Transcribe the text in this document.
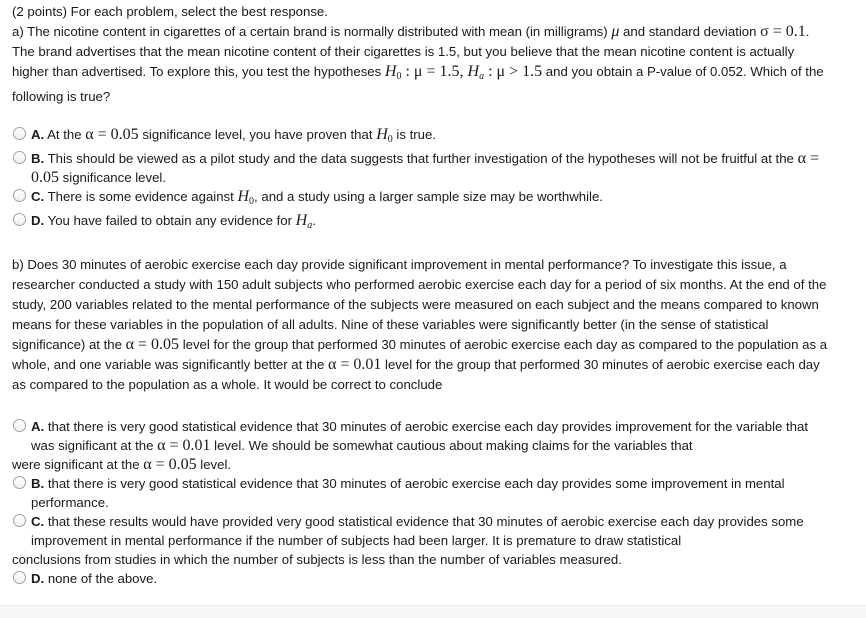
(2 points) For each problem, select the best response.

a) The nicotine content in cigarettes of a certain brand is normally distributed with mean (in milligrams) μ and standard deviation σ = 0.1. The brand advertises that the mean nicotine content of their cigarettes is 1.5, but you believe that the mean nicotine content is actually higher than advertised. To explore this, you test the hypotheses $H_0$ : μ = 1.5, Ha : μ > 1.5 and you obtain a P-value of 0.052. Which of the following is true?

A. At the α = 0.05 significance level, you have proven that $H_0$ is true.
B. This should be viewed as a pilot study and the data suggests that further investigation of the hypotheses will not be fruitful at the α = 0.05 significance level.
C. There is some evidence against $H_0$, and a study using a larger sample size may be worthwhile.
D. You have failed to obtain any evidence for Ha.

b) Does 30 minutes of aerobic exercise each day provide significant improvement in mental performance? To investigate this issue, a researcher conducted a study with 150 adult subjects who performed aerobic exercise each day for a period of six months. At the end of the study, 200 variables related to the mental performance of the subjects were measured on each subject and the means compared to known means for these variables in the population of all adults. Nine of these variables were significantly better (in the sense of statistical significance) at the α = 0.05 level for the group that performed 30 minutes of aerobic exercise each day as compared to the population as a whole, and one variable was significantly better at the α = 0.01 level for the group that performed 30 minutes of aerobic exercise each day as compared to the population as a whole. It would be correct to conclude

A. that there is very good statistical evidence that 30 minutes of aerobic exercise each day provides improvement for the variable that was significant at the α = 0.01 level. We should be somewhat cautious about making claims for the variables that
were significant at the α = 0.05 level.
B. that there is very good statistical evidence that 30 minutes of aerobic exercise each day provides some improvement in mental performance.
C. that these results would have provided very good statistical evidence that 30 minutes of aerobic exercise each day provides some improvement in mental performance if the number of subjects had been larger. It is premature to draw statistical
conclusions from studies in which the number of subjects is less than the number of variables measured.
D. none of the above.
